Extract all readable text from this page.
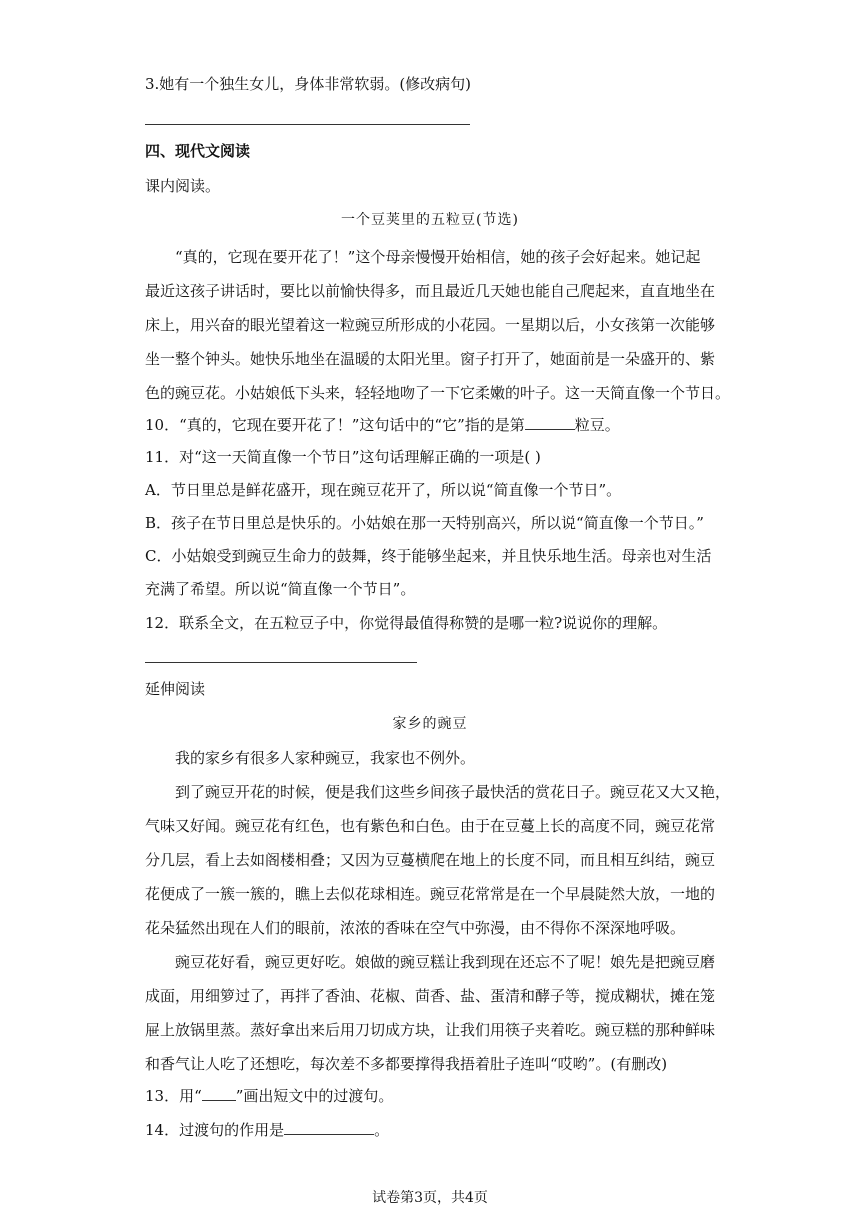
3.她有一个独生女儿，身体非常软弱。(修改病句)
四、现代文阅读
课内阅读。
一个豆荚里的五粒豆(节选)
“真的，它现在要开花了！”这个母亲慢慢开始相信，她的孩子会好起来。她记起
最近这孩子讲话时，要比以前愉快得多，而且最近几天她也能自己爬起来，直直地坐在
床上，用兴奋的眼光望着这一粒豌豆所形成的小花园。一星期以后，小女孩第一次能够
坐一整个钟头。她快乐地坐在温暖的太阳光里。窗子打开了，她面前是一朵盛开的、紫
色的豌豆花。小姑娘低下头来，轻轻地吻了一下它柔嫩的叶子。这一天简直像一个节日。
10．“真的，它现在要开花了！”这句话中的“它”指的是第	粒豆。
11．对“这一天简直像一个节日”这句话理解正确的一项是( )
A．节日里总是鲜花盛开，现在豌豆花开了，所以说“简直像一个节日”。
B．孩子在节日里总是快乐的。小姑娘在那一天特别高兴，所以说“简直像一个节日。”
C．小姑娘受到豌豆生命力的鼓舞，终于能够坐起来，并且快乐地生活。母亲也对生活
充满了希望。所以说“简直像一个节日”。
12．联系全文，在五粒豆子中，你觉得最值得称赞的是哪一粒?说说你的理解。
延伸阅读
家乡的豌豆
我的家乡有很多人家种豌豆，我家也不例外。
到了豌豆开花的时候，便是我们这些乡间孩子最快活的赏花日子。豌豆花又大又艳，
气味又好闻。豌豆花有红色，也有紫色和白色。由于在豆蔓上长的高度不同，豌豆花常
分几层，看上去如阁楼相叠；又因为豆蔓横爬在地上的长度不同，而且相互纠结，豌豆
花便成了一簇一簇的，瞧上去似花球相连。豌豆花常常是在一个早晨陡然大放，一地的
花朵猛然出现在人们的眼前，浓浓的香味在空气中弥漫，由不得你不深深地呼吸。
豌豆花好看，豌豆更好吃。娘做的豌豆糕让我到现在还忘不了呢！娘先是把豌豆磨
成面，用细箩过了，再拌了香油、花椒、茴香、盐、蛋清和酵子等，搅成糊状，摊在笼
屉上放锅里蒸。蒸好拿出来后用刀切成方块，让我们用筷子夹着吃。豌豆糕的那种鲜味
和香气让人吃了还想吃，每次差不多都要撑得我捂着肚子连叫“哎哟”。(有删改)
13．用“ ”画出短文中的过渡句。
14．过渡句的作用是	。
试卷第3页，共4页
